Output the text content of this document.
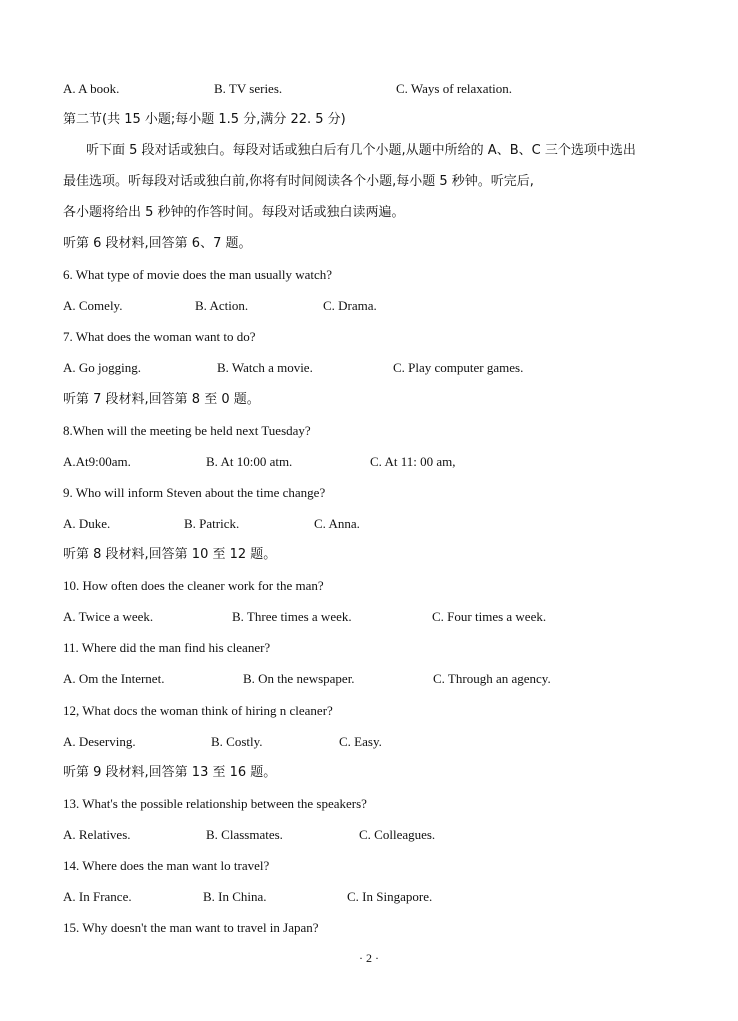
A. A book.	B. TV series.	C. Ways of relaxation.
第二节(共 15 小题;每小题 1.5 分,满分 22. 5 分)
听下面 5 段对话或独白。每段对话或独白后有几个小题,从题中所给的 A、B、C 三个选项中选出
最佳选项。听每段对话或独白前,你将有时间阅读各个小题,每小题 5 秒钟。听完后,
各小题将给出 5 秒钟的作答时间。每段对话或独白读两遍。
听第 6 段材料,回答第 6、7 题。
6. What type of movie does the man usually watch?
A. Comely.	B. Action.	C. Drama.
7. What does the woman want to do?
A. Go jogging.	B. Watch a movie.	C. Play computer games.
听第 7 段材料,回答第 8 至 0 题。
8.When will the meeting be held next Tuesday?
A.At9:00am.	B. At 10:00 atm.	C. At 11: 00 am,
9. Who will inform Steven about the time change?
A. Duke.	B. Patrick.	C. Anna.
听第 8 段材料,回答第 10 至 12 题。
10. How often does the cleaner work for the man?
A. Twice a week.	B. Three times a week.	C. Four times a week.
11. Where did the man find his cleaner?
A. Om the Internet.	B. On the newspaper.	C. Through an agency.
12, What docs the woman think of hiring n cleaner?
A. Deserving.	B. Costly.	C. Easy.
听第 9 段材料,回答第 13 至 16 题。
13. What's the possible relationship between the speakers?
A. Relatives.	B. Classmates.	C. Colleagues.
14. Where does the man want lo travel?
A. In France.	B. In China.	C. In Singapore.
15. Why doesn't the man want to travel in Japan?
· 2 ·
